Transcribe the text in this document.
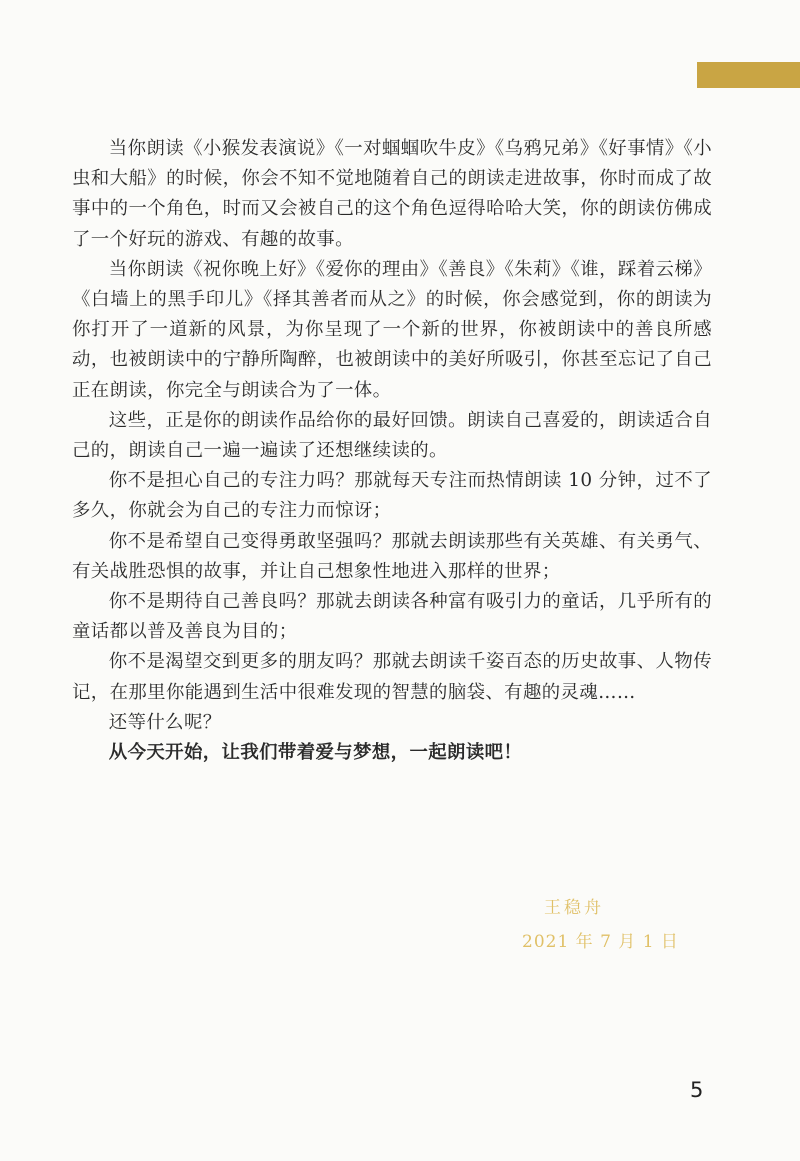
当你朗读《小猴发表演说》《一对蝈蝈吹牛皮》《乌鸦兄弟》《好事情》《小虫和大船》的时候，你会不知不觉地随着自己的朗读走进故事，你时而成了故事中的一个角色，时而又会被自己的这个角色逗得哈哈大笑，你的朗读仿佛成了一个好玩的游戏、有趣的故事。

当你朗读《祝你晚上好》《爱你的理由》《善良》《朱莉》《谁，踩着云梯》《白墙上的黑手印儿》《择其善者而从之》的时候，你会感觉到，你的朗读为你打开了一道新的风景，为你呈现了一个新的世界，你被朗读中的善良所感动，也被朗读中的宁静所陶醉，也被朗读中的美好所吸引，你甚至忘记了自己正在朗读，你完全与朗读合为了一体。

这些，正是你的朗读作品给你的最好回馈。朗读自己喜爱的，朗读适合自己的，朗读自己一遍一遍读了还想继续读的。

你不是担心自己的专注力吗？那就每天专注而热情朗读 10 分钟，过不了多久，你就会为自己的专注力而惊讶；

你不是希望自己变得勇敢坚强吗？那就去朗读那些有关英雄、有关勇气、有关战胜恐惧的故事，并让自己想象性地进入那样的世界；

你不是期待自己善良吗？那就去朗读各种富有吸引力的童话，几乎所有的童话都以普及善良为目的；

你不是渴望交到更多的朋友吗？那就去朗读千姿百态的历史故事、人物传记，在那里你能遇到生活中很难发现的智慧的脑袋、有趣的灵魂……

还等什么呢？

从今天开始，让我们带着爱与梦想，一起朗读吧！

王稳舟
2021 年 7 月 1 日
5
